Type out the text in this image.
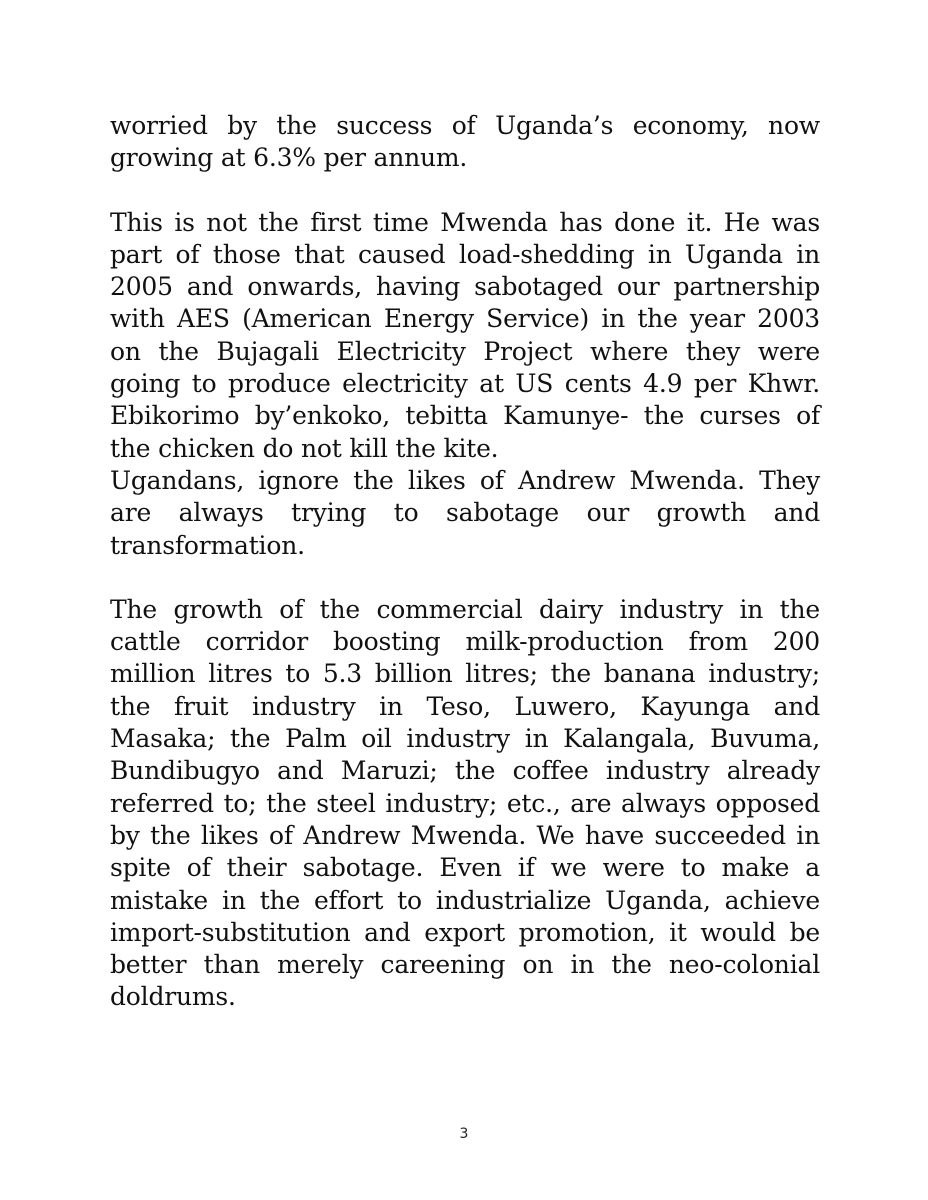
worried by the success of Uganda’s economy, now growing at 6.3% per annum.

This is not the first time Mwenda has done it. He was part of those that caused load-shedding in Uganda in 2005 and onwards, having sabotaged our partnership with AES (American Energy Service) in the year 2003 on the Bujagali Electricity Project where they were going to produce electricity at US cents 4.9 per Khwr. Ebikorimo by’enkoko, tebitta Kamunye- the curses of the chicken do not kill the kite.

Ugandans, ignore the likes of Andrew Mwenda. They are always trying to sabotage our growth and transformation.

The growth of the commercial dairy industry in the cattle corridor boosting milk-production from 200 million litres to 5.3 billion litres; the banana industry; the fruit industry in Teso, Luwero, Kayunga and Masaka; the Palm oil industry in Kalangala, Buvuma, Bundibugyo and Maruzi; the coffee industry already referred to; the steel industry; etc., are always opposed by the likes of Andrew Mwenda. We have succeeded in spite of their sabotage. Even if we were to make a mistake in the effort to industrialize Uganda, achieve import-substitution and export promotion, it would be better than merely careening on in the neo-colonial doldrums.

3
